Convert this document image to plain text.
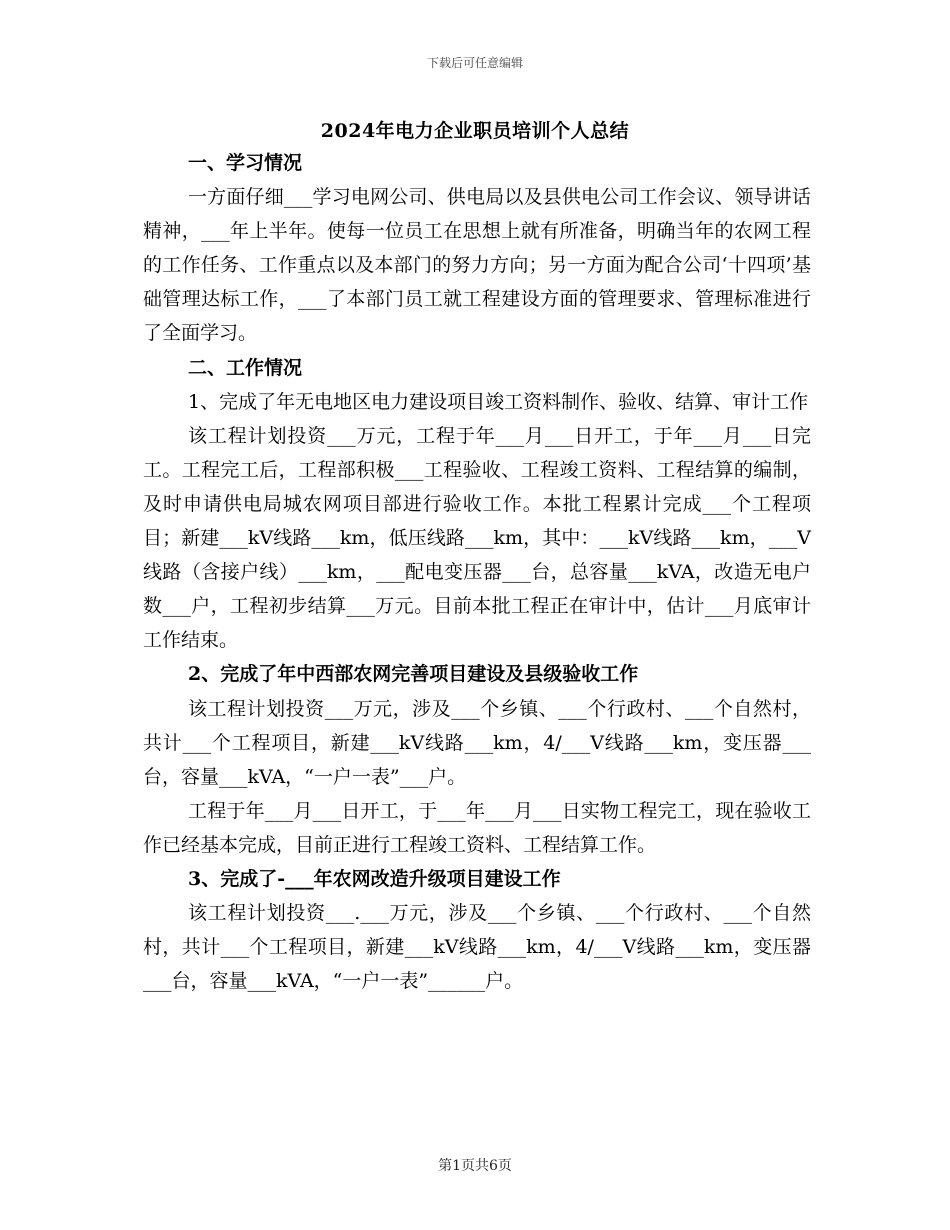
下载后可任意编辑
2024年电力企业职员培训个人总结

一、学习情况

一方面仔细___学习电网公司、供电局以及县供电公司工作会议、领导讲话精神，___年上半年。使每一位员工在思想上就有所准备，明确当年的农网工程的工作任务、工作重点以及本部门的努力方向；另一方面为配合公司‘十四项’基础管理达标工作，___了本部门员工就工程建设方面的管理要求、管理标准进行了全面学习。

二、工作情况

1、完成了年无电地区电力建设项目竣工资料制作、验收、结算、审计工作

该工程计划投资___万元，工程于年___月___日开工，于年___月___日完工。工程完工后，工程部积极___工程验收、工程竣工资料、工程结算的编制，及时申请供电局城农网项目部进行验收工作。本批工程累计完成___个工程项目；新建___kV线路___km，低压线路___km，其中：___kV线路___km，___V线路（含接户线）___km，___配电变压器___台，总容量___kVA，改造无电户数___户，工程初步结算___万元。目前本批工程正在审计中，估计___月底审计工作结束。

2、完成了年中西部农网完善项目建设及县级验收工作

该工程计划投资___万元，涉及___个乡镇、___个行政村、___个自然村，共计___个工程项目，新建___kV线路___km，4/___V线路___km，变压器___台，容量___kVA，“一户一表”___户。

工程于年___月___日开工，于___年___月___日实物工程完工，现在验收工作已经基本完成，目前正进行工程竣工资料、工程结算工作。

3、完成了-___年农网改造升级项目建设工作

该工程计划投资___.___万元，涉及___个乡镇、___个行政村、___个自然村，共计___个工程项目，新建___kV线路___km，4/___V线路___km，变压器___台，容量___kVA，“一户一表”______户。

第1页共6页
